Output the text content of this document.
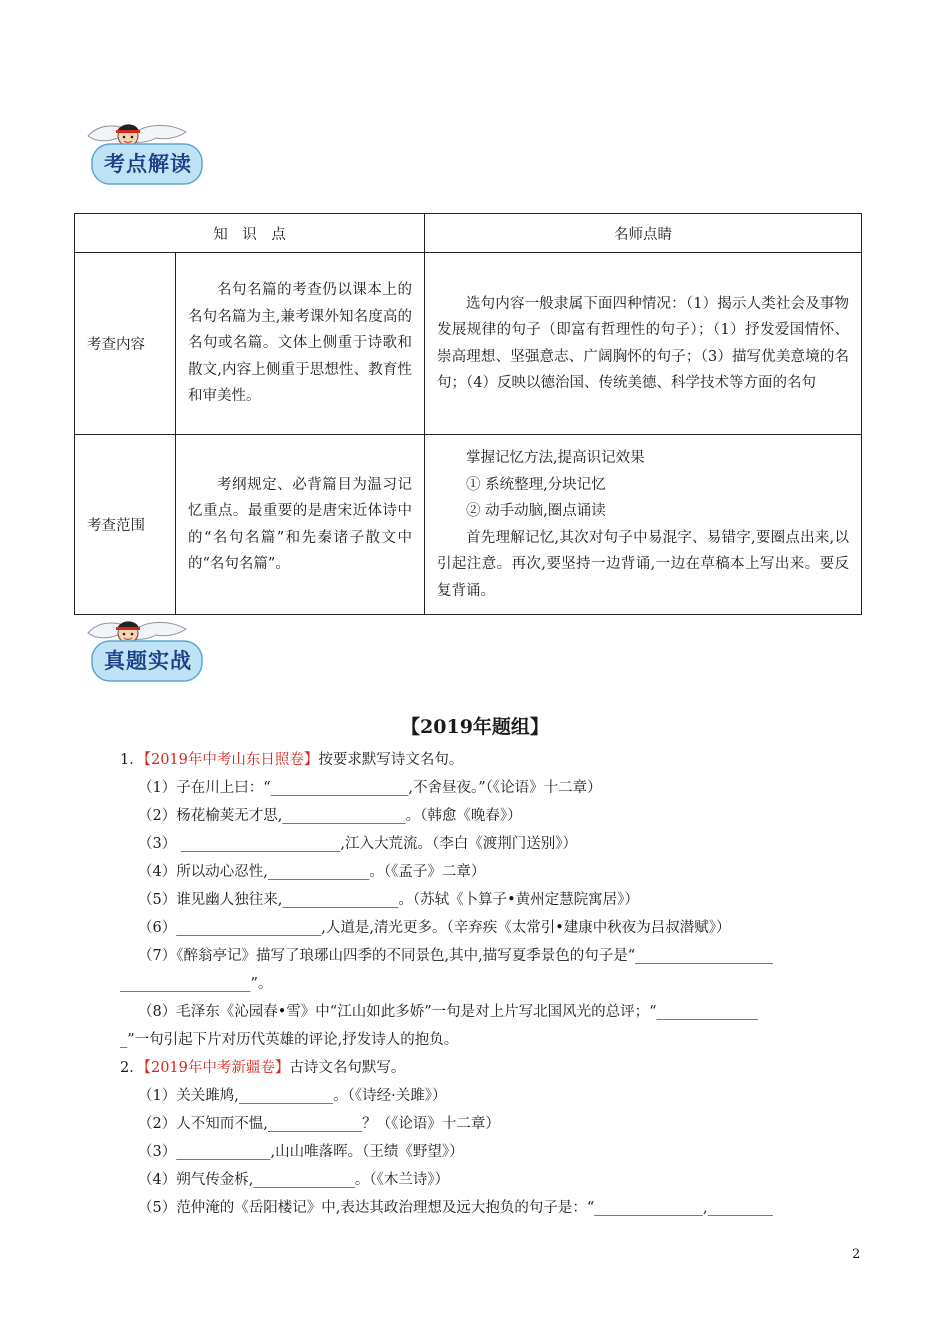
考点解读
知　识　点		名师点睛
考查内容	名句名篇的考查仍以课本上的名句名篇为主,兼考课外知名度高的名句或名篇。文体上侧重于诗歌和散文,内容上侧重于思想性、教育性和审美性。	选句内容一般隶属下面四种情况：（1）揭示人类社会及事物发展规律的句子（即富有哲理性的句子）；（1）抒发爱国情怀、崇高理想、坚强意志、广阔胸怀的句子；（3）描写优美意境的名句；（4）反映以德治国、传统美德、科学技术等方面的名句

考查范围	考纲规定、必背篇目为温习记忆重点。最重要的是唐宋近体诗中的“名句名篇”和先秦诸子散文中的“名句名篇”。	掌握记忆方法,提高识记效果

① 系统整理,分块记忆

② 动手动脑,圈点诵读

首先理解记忆,其次对句子中易混字、易错字,要圈点出来,以引起注意。再次,要坚持一边背诵,一边在草稿本上写出来。要反复背诵。

真题实战
【2019年题组】
1．【2019年中考山东日照卷】按要求默写诗文名句。
（1）子在川上曰：“___________________,不舍昼夜。”（《论语》十二章）
（2）杨花榆荚无才思,_________________。（韩愈《晚春》）
（3） ______________________,江入大荒流。（李白《渡荆门送别》）
（4）所以动心忍性,______________。（《孟子》二章）
（5）谁见幽人独往来,________________。（苏轼《卜算子•黄州定慧院寓居》）
（6）____________________,人道是,清光更多。（辛弃疾《太常引•建康中秋夜为吕叔潜赋》）
（7）《醉翁亭记》描写了琅琊山四季的不同景色,其中,描写夏季景色的句子是“___________________
__________________”。
（8）毛泽东《沁园春•雪》中“江山如此多娇”一句是对上片写北国风光的总评；“______________
_”一句引起下片对历代英雄的评论,抒发诗人的抱负。
2．【2019年中考新疆卷】古诗文名句默写。
（1）关关雎鸠,_____________。（《诗经·关雎》）
（2）人不知而不愠,_____________？（《论语》十二章）
（3）_____________,山山唯落晖。（王绩《野望》）
（4）朔气传金柝,______________。（《木兰诗》）
（5）范仲淹的《岳阳楼记》中,表达其政治理想及远大抱负的句子是：“_______________,_________
2
